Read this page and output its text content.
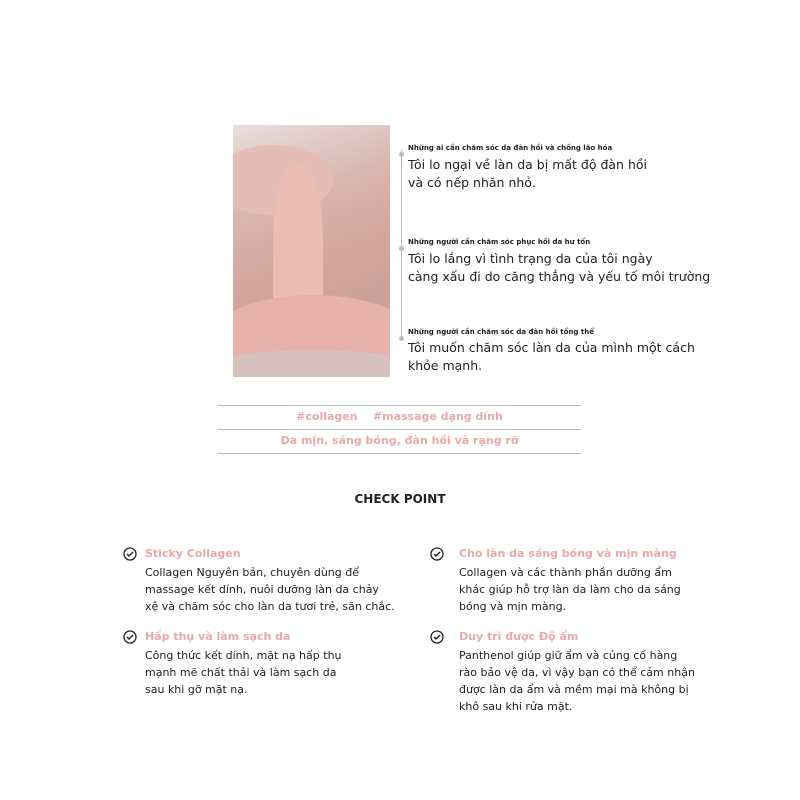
Những ai cần chăm sóc da đàn hồi và chống lão hóa
Tôi lo ngại về làn da bị mất độ đàn hồi
và có nếp nhăn nhỏ.
Những người cần chăm sóc phục hồi da hư tổn
Tôi lo lắng vì tình trạng da của tôi ngày
càng xấu đi do căng thẳng và yếu tố môi trường
Những người cần chăm sóc da đàn hồi tổng thể
Tôi muốn chăm sóc làn da của mình một cách
khỏe mạnh.
#collagen    #massage dạng dính
Da mịn, sáng bóng, đàn hồi và rạng rỡ
CHECK POINT
Sticky Collagen
Collagen Nguyên bản, chuyên dùng để
massage kết dính, nuôi dưỡng làn da chảy
xệ và chăm sóc cho làn da tươi trẻ, săn chắc.
Hấp thụ và làm sạch da
Công thức kết dính, mặt nạ hấp thụ
mạnh mẽ chất thải và làm sạch da
sau khi gỡ mặt nạ.
Cho làn da sáng bóng và mịn màng
Collagen và các thành phần dưỡng ẩm
khác giúp hỗ trợ làn da làm cho da sáng
bóng và mịn màng.
Duy trì được Độ ẩm
Panthenol giúp giữ ẩm và củng cố hàng
rào bảo vệ da, vì vậy bạn có thể cảm nhận
được làn da ẩm và mềm mại mà không bị
khô sau khi rửa mặt.
